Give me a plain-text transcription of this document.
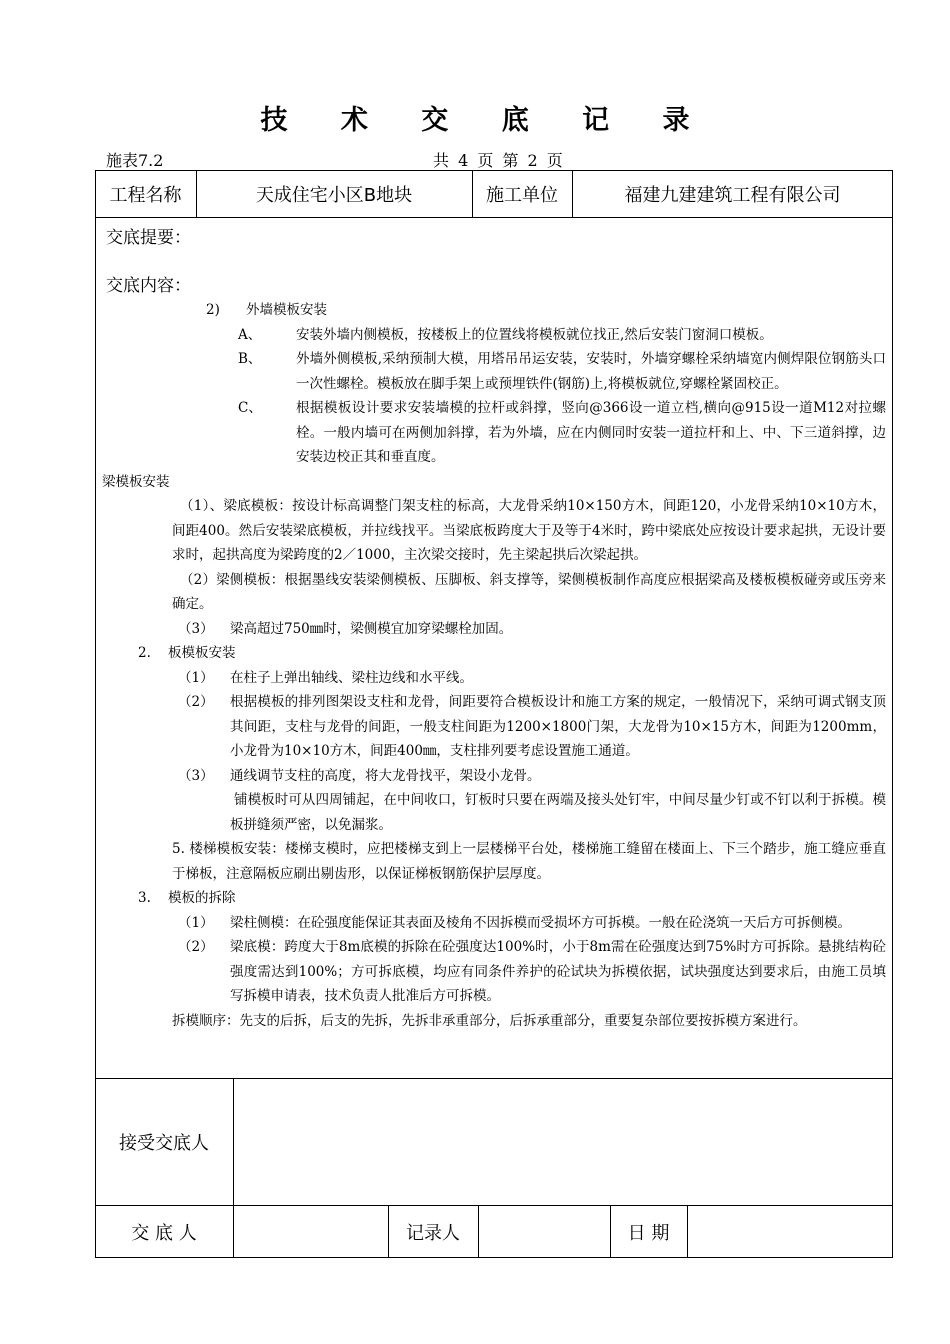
技 术 交 底 记 录
施表7.2	共 4 页 第 2 页
工程名称	天成住宅小区B地块	施工单位	福建九建建筑工程有限公司

交底提要：

交底内容：

2)	外墙模板安装
A、	安装外墙内侧模板，按楼板上的位置线将模板就位找正,然后安装门窗洞口模板。
B、	外墙外侧模板,采纳预制大模，用塔吊吊运安装，安装时，外墙穿螺栓采纳墙宽内侧焊限位钢筋头口一次性螺栓。模板放在脚手架上或预埋铁件(钢筋)上,将模板就位,穿螺栓紧固校正。
C、	根据模板设计要求安装墙模的拉杆或斜撑，竖向@366设一道立档,横向@915设一道M12对拉螺栓。一般内墙可在两侧加斜撑，若为外墙，应在内侧同时安装一道拉杆和上、中、下三道斜撑，边安装边校正其和垂直度。

梁模板安装

（1）、梁底模板：按设计标高调整门架支柱的标高，大龙骨采纳10×150方木，间距120，小龙骨采纳10×10方木，间距400。然后安装梁底模板，并拉线找平。当梁底板跨度大于及等于4米时，跨中梁底处应按设计要求起拱，无设计要求时，起拱高度为梁跨度的2／1000，主次梁交接时，先主梁起拱后次梁起拱。

（2）梁侧模板：根据墨线安装梁侧模板、压脚板、斜支撑等，梁侧模板制作高度应根据梁高及楼板模板碰旁或压旁来确定。

（3）	梁高超过750㎜时，梁侧模宜加穿梁螺栓加固。
2.	板模板安装
（1）	在柱子上弹出轴线、梁柱边线和水平线。
（2）	根据模板的排列图架设支柱和龙骨，间距要符合模板设计和施工方案的规定，一般情况下，采纳可调式钢支顶其间距，支柱与龙骨的间距，一般支柱间距为1200×1800门架，大龙骨为10×15方木，间距为1200mm，小龙骨为10×10方木，间距400㎜，支柱排列要考虑设置施工通道。
（3）	通线调节支柱的高度，将大龙骨找平，架设小龙骨。

铺模板时可从四周铺起，在中间收口，钉板时只要在两端及接头处钉牢，中间尽量少钉或不钉以利于拆模。模板拼缝须严密，以免漏浆。

5. 楼梯模板安装：楼梯支模时，应把楼梯支到上一层楼梯平台处，楼梯施工缝留在楼面上、下三个踏步，施工缝应垂直于梯板，注意隔板应刷出剔齿形，以保证梯板钢筋保护层厚度。

3.	模板的拆除
（1）	梁柱侧模：在砼强度能保证其表面及棱角不因拆模而受损坏方可拆模。一般在砼浇筑一天后方可拆侧模。
（2）	梁底模：跨度大于8m底模的拆除在砼强度达100%时，小于8m需在砼强度达到75%时方可拆除。悬挑结构砼强度需达到100%；方可拆底模，均应有同条件养护的砼试块为拆模依据，试块强度达到要求后，由施工员填写拆模申请表，技术负责人批准后方可拆模。

拆模顺序：先支的后拆，后支的先拆，先拆非承重部分，后拆承重部分，重要复杂部位要按拆模方案进行。

接受交底人
交 底 人	记录人	日 期
